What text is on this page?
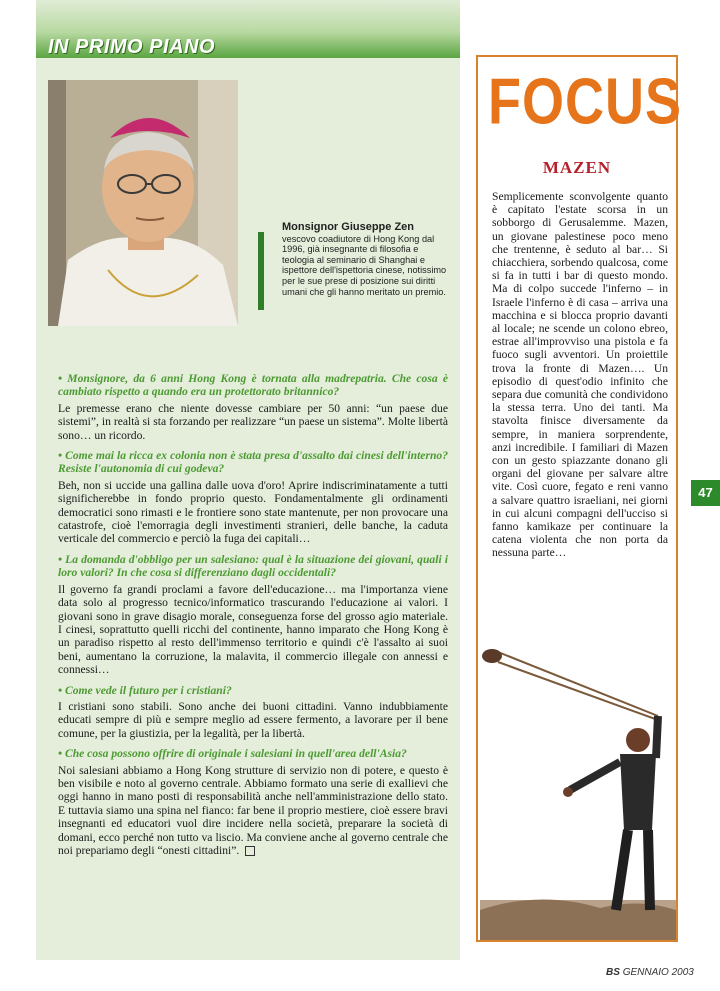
IN PRIMO PIANO
Monsignor Giuseppe Zen
vescovo coadiutore di Hong Kong dal 1996, già insegnante di filosofia e teologia al seminario di Shanghai e ispettore dell'ispettoria cinese, notissimo per le sue prese di posizione sui diritti umani che gli hanno meritato un premio.

• Monsignore, da 6 anni Hong Kong è tornata alla madrepatria. Che cosa è cambiato rispetto a quando era un protettorato britannico?

Le premesse erano che niente dovesse cambiare per 50 anni: “un paese due sistemi”, in realtà si sta forzando per realizzare “un paese un sistema”. Molte libertà sono… un ricordo.

• Come mai la ricca ex colonia non è stata presa d'assalto dai cinesi dell'interno? Resiste l'autonomia di cui godeva?

Beh, non si uccide una gallina dalle uova d'oro! Aprire indiscriminatamente a tutti significherebbe in fondo proprio questo. Fondamentalmente gli ordinamenti democratici sono rimasti e le frontiere sono state mantenute, per non provocare una catastrofe, cioè l'emorragia degli investimenti stranieri, delle banche, la caduta verticale del commercio e perciò la fuga dei capitali…

• La domanda d'obbligo per un salesiano: qual è la situazione dei giovani, quali i loro valori? In che cosa si differenziano dagli occidentali?

Il governo fa grandi proclami a favore dell'educazione… ma l'importanza viene data solo al progresso tecnico/informatico trascurando l'educazione ai valori. I giovani sono in grave disagio morale, conseguenza forse del grosso agio materiale. I cinesi, soprattutto quelli ricchi del continente, hanno imparato che Hong Kong è un paradiso rispetto al resto dell'immenso territorio e quindi c'è l'assalto ai suoi beni, aumentano la corruzione, la malavita, il commercio illegale con annessi e connessi…

• Come vede il futuro per i cristiani?

I cristiani sono stabili. Sono anche dei buoni cittadini. Vanno indubbiamente educati sempre di più e sempre meglio ad essere fermento, a lavorare per il bene comune, per la giustizia, per la legalità, per la libertà.

• Che cosa possono offrire di originale i salesiani in quell'area dell'Asia?

Noi salesiani abbiamo a Hong Kong strutture di servizio non di potere, e questo è ben visibile e noto al governo centrale. Abbiamo formato una serie di exallievi che oggi hanno in mano posti di responsabilità anche nell'amministrazione dello stato. E tuttavia siamo una spina nel fianco: far bene il proprio mestiere, cioè essere bravi insegnanti ed educatori vuol dire incidere nella società, preparare la società di domani, ecco perché non tutto va liscio. Ma conviene anche al governo centrale che noi prepariamo degli “onesti cittadini”.

FOCUS
MAZEN

Semplicemente sconvolgente quanto è capitato l'estate scorsa in un sobborgo di Gerusalemme. Mazen, un giovane palestinese poco meno che trentenne, è seduto al bar… Si chiacchiera, sorbendo qualcosa, come si fa in tutti i bar di questo mondo. Ma di colpo succede l'inferno – in Israele l'inferno è di casa – arriva una macchina e si blocca proprio davanti al locale; ne scende un colono ebreo, estrae all'improvviso una pistola e fa fuoco sugli avventori. Un proiettile trova la fronte di Mazen…. Un episodio di quest'odio infinito che separa due comunità che condividono la stessa terra. Uno dei tanti. Ma stavolta finisce diversamente da sempre, in maniera sorprendente, anzi incredibile. I familiari di Mazen con un gesto spiazzante donano gli organi del giovane per salvare altre vite. Così cuore, fegato e reni vanno a salvare quattro israeliani, nei giorni in cui alcuni compagni dell'ucciso si fanno kamikaze per continuare la catena violenta che non porta da nessuna parte…

47
BS GENNAIO 2003
